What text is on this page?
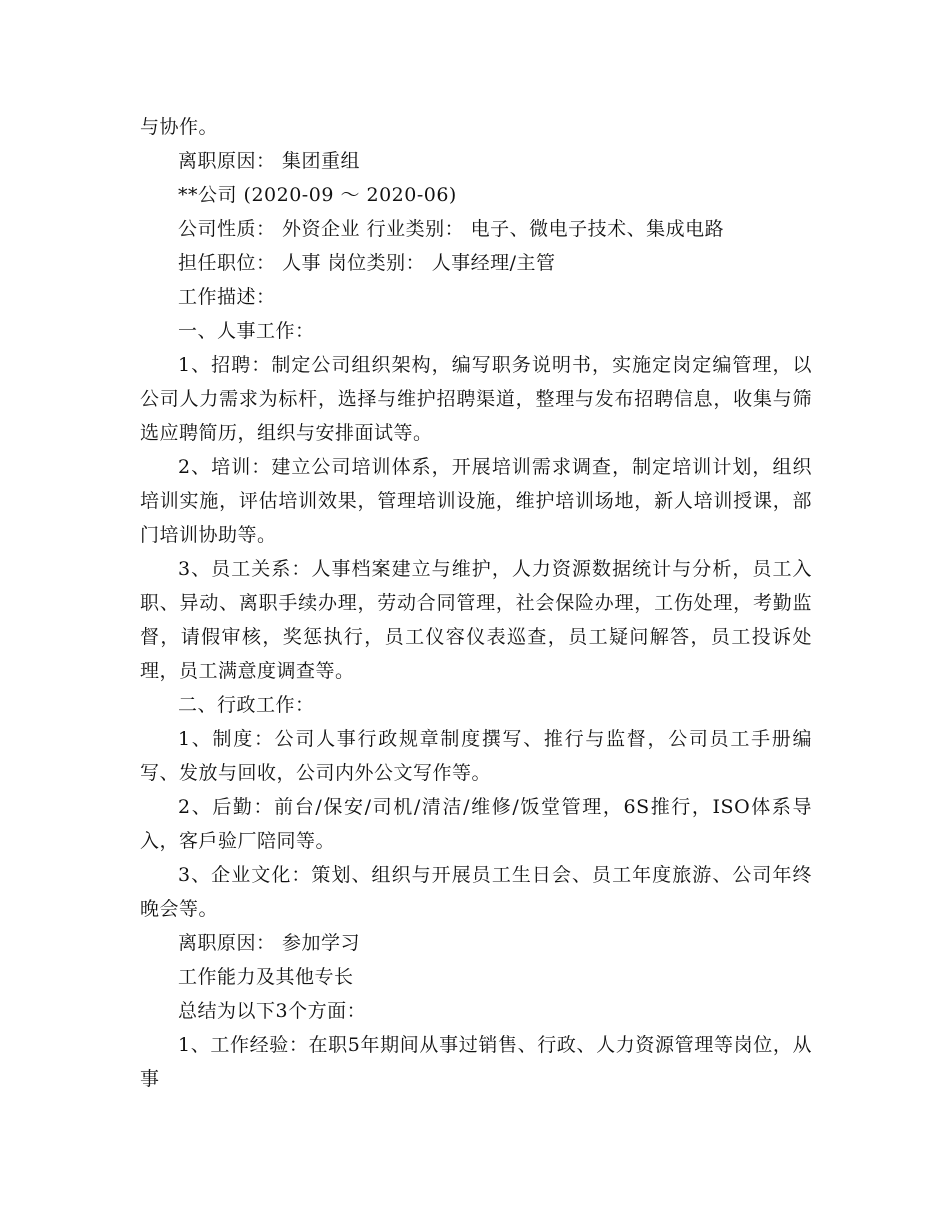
与协作。

离职原因： 集团重组

**公司 (2020-09 ～ 2020-06)

公司性质： 外资企业 行业类别： 电子、微电子技术、集成电路

担任职位： 人事 岗位类别： 人事经理/主管

工作描述：

一、人事工作：

1、招聘：制定公司组织架构，编写职务说明书，实施定岗定编管理，以公司人力需求为标杆，选择与维护招聘渠道，整理与发布招聘信息，收集与筛选应聘简历，组织与安排面试等。

2、培训：建立公司培训体系，开展培训需求调查，制定培训计划，组织培训实施，评估培训效果，管理培训设施，维护培训场地，新人培训授课，部门培训协助等。

3、员工关系：人事档案建立与维护，人力资源数据统计与分析，员工入职、异动、离职手续办理，劳动合同管理，社会保险办理，工伤处理，考勤监督，请假审核，奖惩执行，员工仪容仪表巡查，员工疑问解答，员工投诉处理，员工满意度调查等。

二、行政工作：

1、制度：公司人事行政规章制度撰写、推行与监督，公司员工手册编写、发放与回收，公司内外公文写作等。

2、后勤：前台/保安/司机/清洁/维修/饭堂管理，6S推行，ISO体系导入，客戶验厂陪同等。

3、企业文化：策划、组织与开展员工生日会、员工年度旅游、公司年终晚会等。

离职原因： 参加学习

工作能力及其他专长

总结为以下3个方面：

1、工作经验：在职5年期间从事过销售、行政、人力资源管理等岗位，从事
